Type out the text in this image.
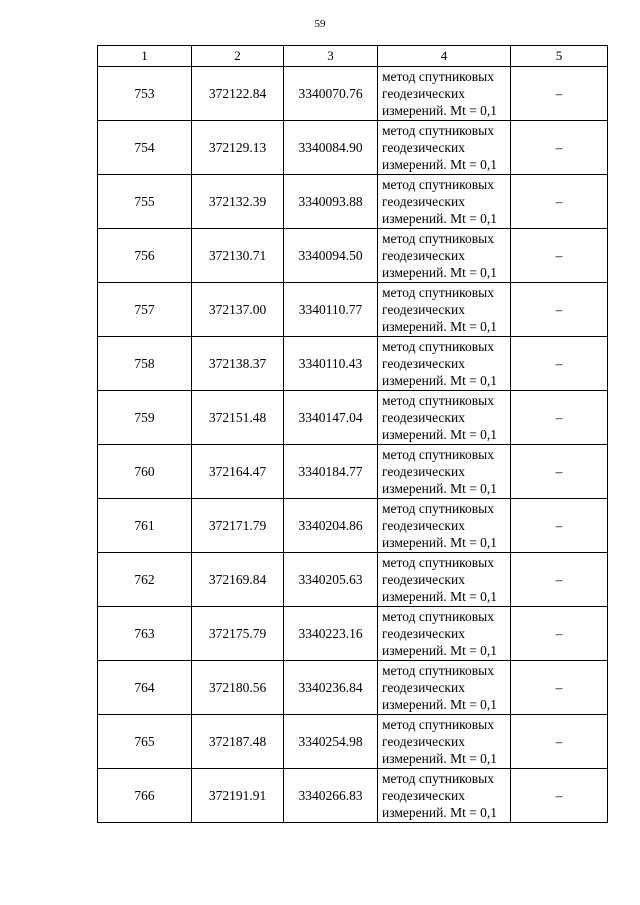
59
1	2	3	4	5
753	372122.84	3340070.76	метод спутниковых
геодезических
измерений. Mt = 0,1	–
754	372129.13	3340084.90	метод спутниковых
геодезических
измерений. Mt = 0,1	–
755	372132.39	3340093.88	метод спутниковых
геодезических
измерений. Mt = 0,1	–
756	372130.71	3340094.50	метод спутниковых
геодезических
измерений. Mt = 0,1	–
757	372137.00	3340110.77	метод спутниковых
геодезических
измерений. Mt = 0,1	–
758	372138.37	3340110.43	метод спутниковых
геодезических
измерений. Mt = 0,1	–
759	372151.48	3340147.04	метод спутниковых
геодезических
измерений. Mt = 0,1	–
760	372164.47	3340184.77	метод спутниковых
геодезических
измерений. Mt = 0,1	–
761	372171.79	3340204.86	метод спутниковых
геодезических
измерений. Mt = 0,1	–
762	372169.84	3340205.63	метод спутниковых
геодезических
измерений. Mt = 0,1	–
763	372175.79	3340223.16	метод спутниковых
геодезических
измерений. Mt = 0,1	–
764	372180.56	3340236.84	метод спутниковых
геодезических
измерений. Mt = 0,1	–
765	372187.48	3340254.98	метод спутниковых
геодезических
измерений. Mt = 0,1	–
766	372191.91	3340266.83	метод спутниковых
геодезических
измерений. Mt = 0,1	–
